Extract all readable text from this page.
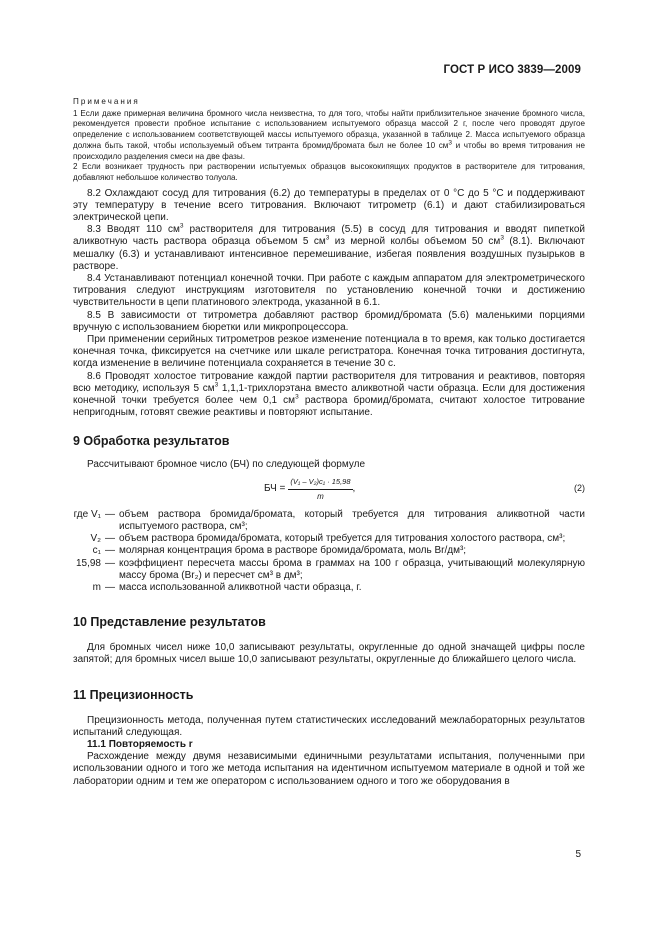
ГОСТ Р ИСО 3839—2009
Примечания

1 Если даже примерная величина бромного числа неизвестна, то для того, чтобы найти приблизительное значение бромного числа, рекомендуется провести пробное испытание с использованием испытуемого образца массой 2 г, после чего проводят другое определение с использованием соответствующей массы испытуемого образца, указанной в таблице 2. Масса испытуемого образца должна быть такой, чтобы используемый объем титранта бромид/бромата был не более 10 $см^3$ и чтобы во время титрования не происходило разделения смеси на две фазы.

2 Если возникает трудность при растворении испытуемых образцов высококипящих продуктов в растворителе для титрования, добавляют небольшое количество толуола.

8.2 Охлаждают сосуд для титрования (6.2) до температуры в пределах от 0 °С до 5 °С и поддерживают эту температуру в течение всего титрования. Включают титрометр (6.1) и дают стабилизироваться электрической цепи.

8.3 Вводят 110 $см^3$ растворителя для титрования (5.5) в сосуд для титрования и вводят пипеткой аликвотную часть раствора образца объемом 5 $см^3$ из мерной колбы объемом 50 $см^3$ (8.1). Включают мешалку (6.3) и устанавливают интенсивное перемешивание, избегая появления воздушных пузырьков в растворе.

8.4 Устанавливают потенциал конечной точки. При работе с каждым аппаратом для электрометрического титрования следуют инструкциям изготовителя по установлению конечной точки и достижению чувствительности в цепи платинового электрода, указанной в 6.1.

8.5 В зависимости от титрометра добавляют раствор бромид/бромата (5.6) маленькими порциями вручную с использованием бюретки или микропроцессора.

При применении серийных титрометров резкое изменение потенциала в то время, как только достигается конечная точка, фиксируется на счетчике или шкале регистратора. Конечная точка титрования достигнута, когда изменение в величине потенциала сохраняется в течение 30 с.

8.6 Проводят холостое титрование каждой партии растворителя для титрования и реактивов, повторяя всю методику, используя 5 $см^3$ 1,1,1-трихлорэтана вместо аликвотной части образца. Если для достижения конечной точки требуется более чем 0,1 $см^3$ раствора бромид/бромата, считают холостое титрование непригодным, готовят свежие реактивы и повторяют испытание.

9 Обработка результатов

Рассчитывают бромное число (БЧ) по следующей формуле

БЧ = $\frac{\text{(V₁ – V₂)c₁ · 15,98}}{m}$ ,	(2)
где V₁ — объем раствора бромида/бромата, который требуется для титрования аликвотной части испытуемого раствора, см³;
V₂ — объем раствора бромида/бромата, который требуется для титрования холостого раствора, см³;
c₁ — молярная концентрация брома в растворе бромида/бромата, моль Br/дм³;
15,98 — коэффициент пересчета массы брома в граммах на 100 г образца, учитывающий молекулярную массу брома (Br₂) и пересчет см³ в дм³;
m — масса использованной аликвотной части образца, г.
10 Представление результатов

Для бромных чисел ниже 10,0 записывают результаты, округленные до одной значащей цифры после запятой; для бромных чисел выше 10,0 записывают результаты, округленные до ближайшего целого числа.

11 Прецизионность

Прецизионность метода, полученная путем статистических исследований межлабораторных результатов испытаний следующая.

11.1 Повторяемость r

Расхождение между двумя независимыми единичными результатами испытания, полученными при использовании одного и того же метода испытания на идентичном испытуемом материале в одной и той же лаборатории одним и тем же оператором с использованием одного и того же оборудования в

5
